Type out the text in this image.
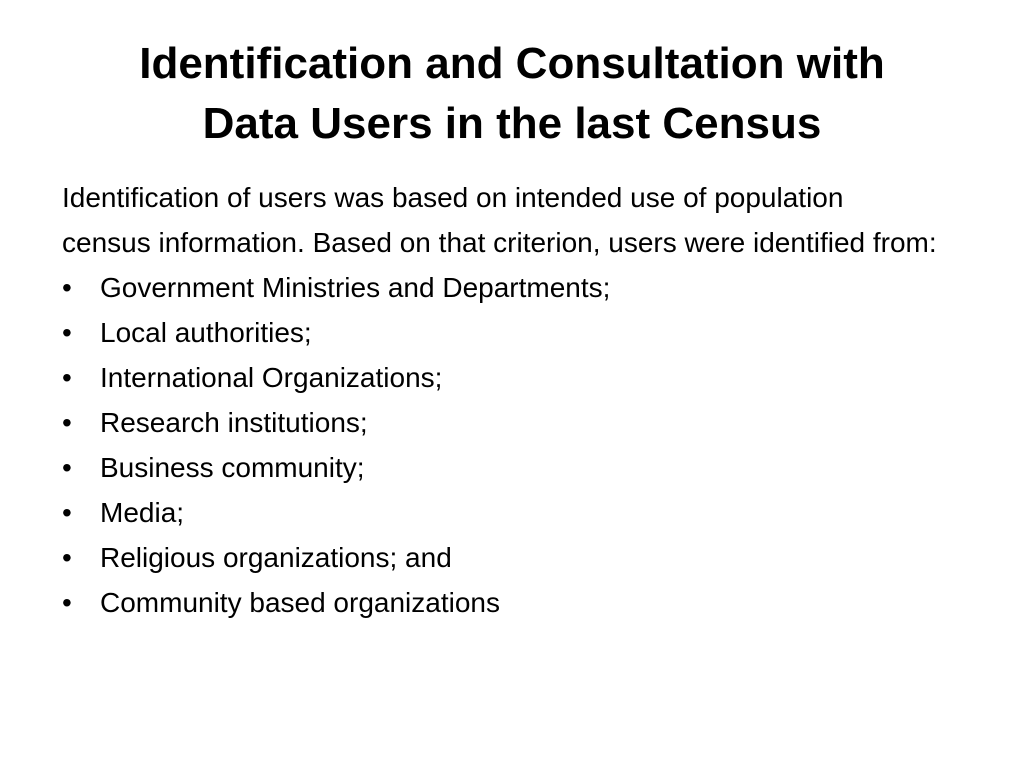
Identification and Consultation with
Data Users in the last Census

Identification of users was based on intended use of population

census information. Based on that criterion, users were identified from:

•	Government Ministries and Departments;
•	Local authorities;
•	International Organizations;
•	Research institutions;
•	Business community;
•	Media;
•	Religious organizations; and
•	Community based organizations
